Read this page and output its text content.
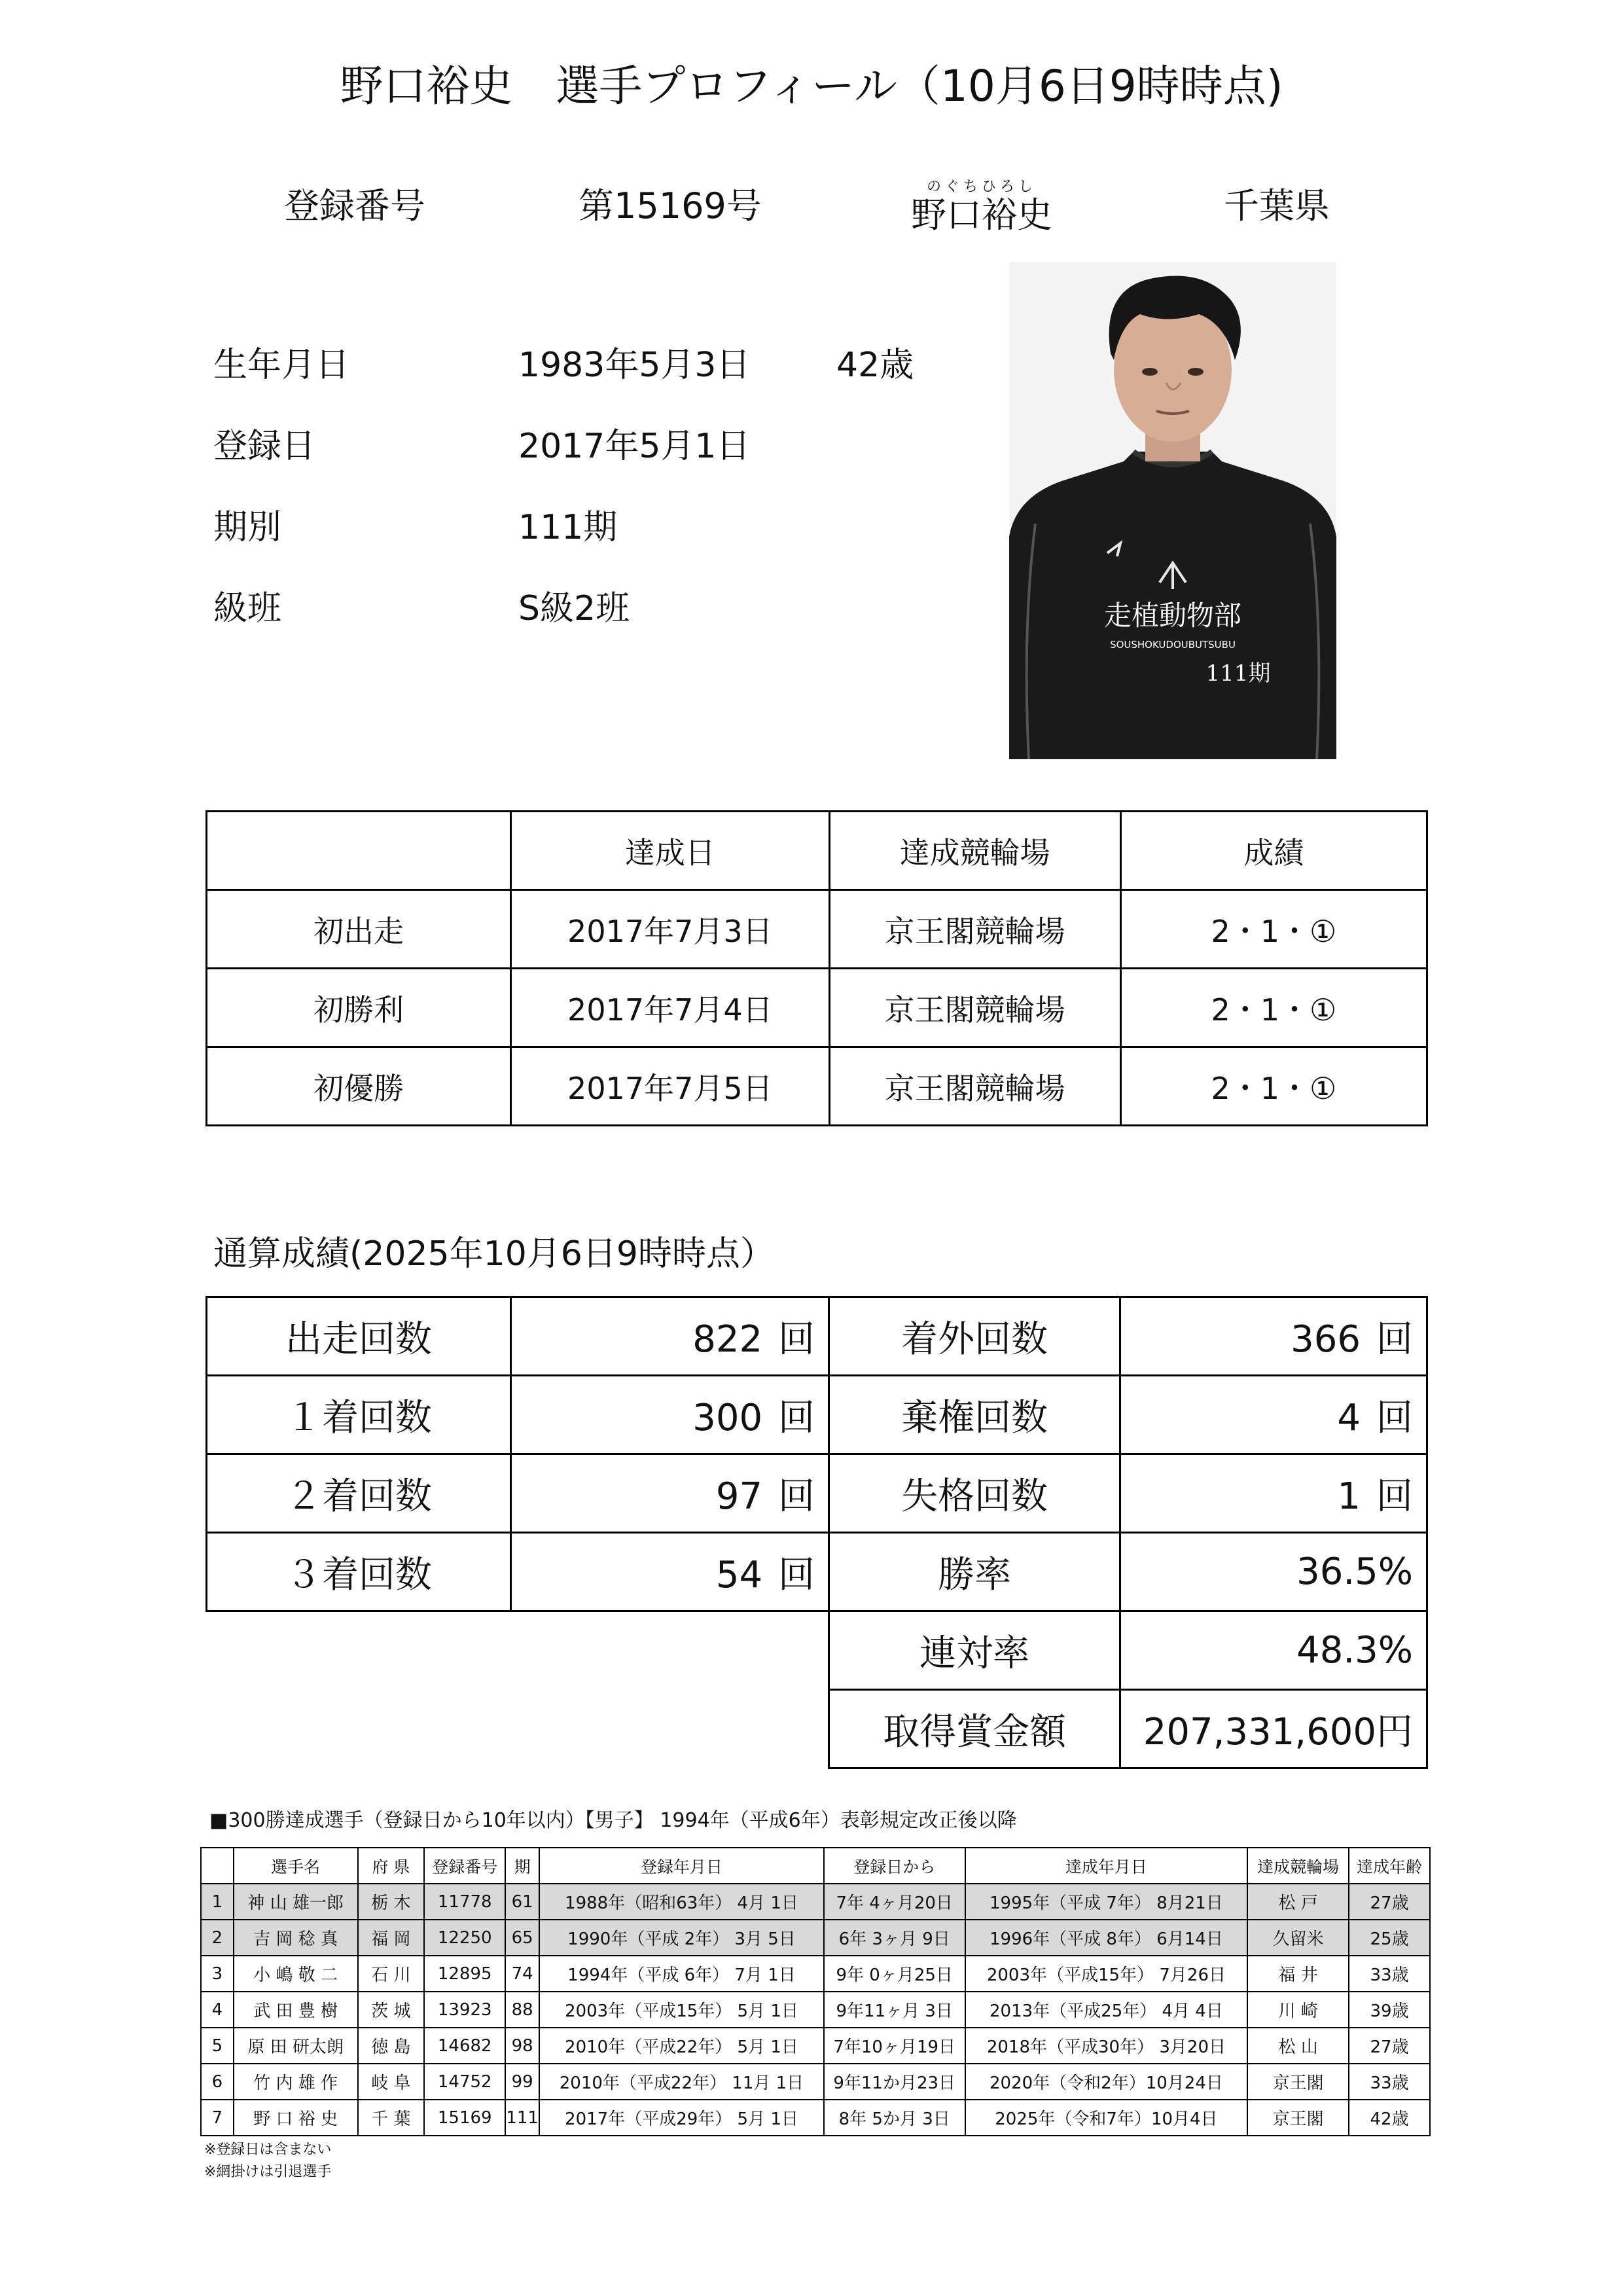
野口裕史　選手プロフィール（10月6日9時時点)
登録番号	第15169号	のぐちひろし
野口裕史	千葉県
生年月日	1983年5月3日	42歳
登録日	2017年5月1日
期別	111期
級班	S級2班	走植動物部
SOUSHOKUDOUBUTSUBU
111期
	達成日	達成競輪場	成績
初出走	2017年7月3日	京王閣競輪場	2・1・①
初勝利	2017年7月4日	京王閣競輪場	2・1・①
初優勝	2017年7月5日	京王閣競輪場	2・1・①
通算成績(2025年10月6日9時時点）
出走回数	822 回	着外回数	366 回
１着回数	300 回	棄権回数	4 回
２着回数	97 回	失格回数	1 回
３着回数	54 回	勝率	36.5%
		連対率	48.3%
		取得賞金額	207,331,600円
■300勝達成選手（登録日から10年以内）【男子】 1994年（平成6年）表彰規定改正後以降
	選手名	府 県	登録番号	期	登録年月日	登録日から	達成年月日	達成競輪場	達成年齢
1	神 山 雄一郎	栃 木	11778	61	1988年（昭和63年） 4月 1日	7年 4ヶ月20日	1995年（平成 7年） 8月21日	松 戸	27歳
2	吉 岡 稔 真	福 岡	12250	65	1990年（平成 2年） 3月 5日	6年 3ヶ月 9日	1996年（平成 8年） 6月14日	久留米	25歳
3	小 嶋 敬 二	石 川	12895	74	1994年（平成 6年） 7月 1日	9年 0ヶ月25日	2003年（平成15年） 7月26日	福 井	33歳
4	武 田 豊 樹	茨 城	13923	88	2003年（平成15年） 5月 1日	9年11ヶ月 3日	2013年（平成25年） 4月 4日	川 崎	39歳
5	原 田 研太朗	徳 島	14682	98	2010年（平成22年） 5月 1日	7年10ヶ月19日	2018年（平成30年） 3月20日	松 山	27歳
6	竹 内 雄 作	岐 阜	14752	99	2010年（平成22年） 11月 1日	9年11か月23日	2020年（令和2年）10月24日	京王閣	33歳
7	野 口 裕 史	千 葉	15169	111	2017年（平成29年） 5月 1日	8年 5か月 3日	2025年（令和7年）10月4日	京王閣	42歳
※登録日は含まない
※網掛けは引退選手
